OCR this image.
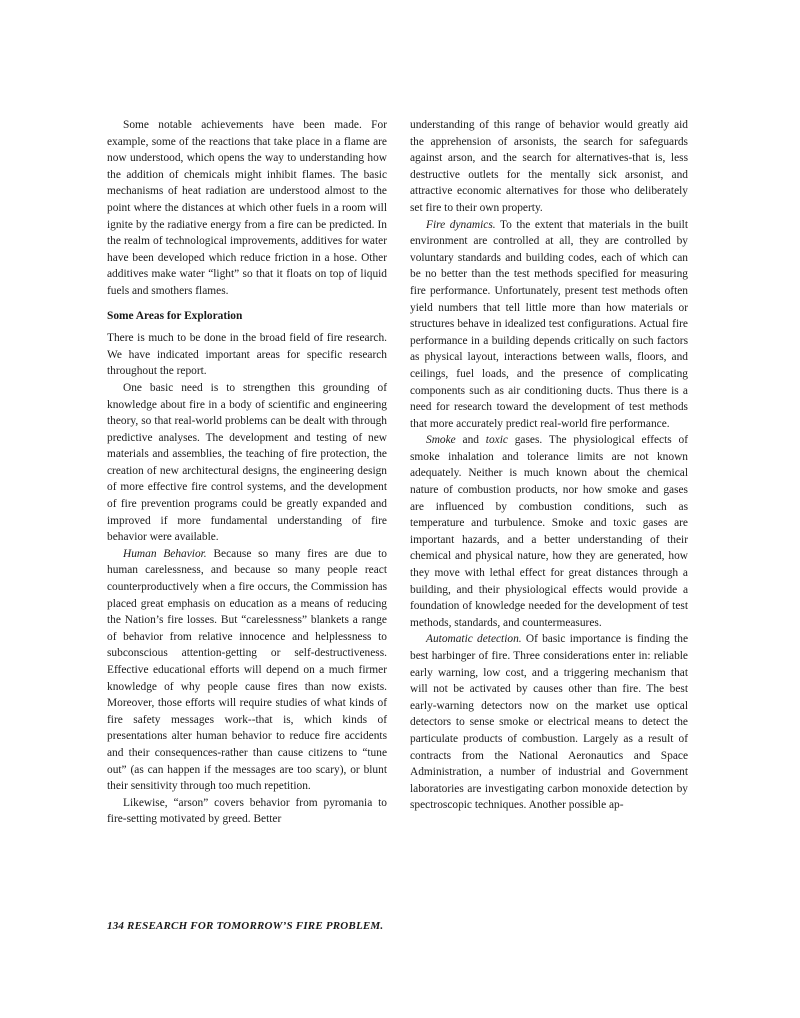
Some notable achievements have been made. For example, some of the reactions that take place in a flame are now understood, which opens the way to understanding how the addition of chemicals might inhibit flames. The basic mechanisms of heat radiation are understood almost to the point where the distances at which other fuels in a room will ignite by the radiative energy from a fire can be predicted. In the realm of technological improvements, additives for water have been developed which reduce friction in a hose. Other additives make water “light” so that it floats on top of liquid fuels and smothers flames.

Some Areas for Exploration

There is much to be done in the broad field of fire research. We have indicated important areas for specific research throughout the report.

One basic need is to strengthen this grounding of knowledge about fire in a body of scientific and engineering theory, so that real-world problems can be dealt with through predictive analyses. The development and testing of new materials and assemblies, the teaching of fire protection, the creation of new architectural designs, the engineering design of more effective fire control systems, and the development of fire prevention programs could be greatly expanded and improved if more fundamental understanding of fire behavior were available.

Human Behavior. Because so many fires are due to human carelessness, and because so many people react counterproductively when a fire occurs, the Commission has placed great emphasis on education as a means of reducing the Nation’s fire losses. But “carelessness” blankets a range of behavior from relative innocence and helplessness to subconscious attention-getting or self-destructiveness. Effective educational efforts will depend on a much firmer knowledge of why people cause fires than now exists. Moreover, those efforts will require studies of what kinds of fire safety messages work--that is, which kinds of presentations alter human behavior to reduce fire accidents and their consequences-rather than cause citizens to “tune out” (as can happen if the messages are too scary), or blunt their sensitivity through too much repetition.

Likewise, “arson” covers behavior from pyromania to fire-setting motivated by greed. Better

understanding of this range of behavior would greatly aid the apprehension of arsonists, the search for safeguards against arson, and the search for alternatives-that is, less destructive outlets for the mentally sick arsonist, and attractive economic alternatives for those who deliberately set fire to their own property.

Fire dynamics. To the extent that materials in the built environment are controlled at all, they are controlled by voluntary standards and building codes, each of which can be no better than the test methods specified for measuring fire performance. Unfortunately, present test methods often yield numbers that tell little more than how materials or structures behave in idealized test configurations. Actual fire performance in a building depends critically on such factors as physical layout, interactions between walls, floors, and ceilings, fuel loads, and the presence of complicating components such as air conditioning ducts. Thus there is a need for research toward the development of test methods that more accurately predict real-world fire performance.

Smoke and toxic gases. The physiological effects of smoke inhalation and tolerance limits are not known adequately. Neither is much known about the chemical nature of combustion products, nor how smoke and gases are influenced by combustion conditions, such as temperature and turbulence. Smoke and toxic gases are important hazards, and a better understanding of their chemical and physical nature, how they are generated, how they move with lethal effect for great distances through a building, and their physiological effects would provide a foundation of knowledge needed for the development of test methods, standards, and countermeasures.

Automatic detection. Of basic importance is finding the best harbinger of fire. Three considerations enter in: reliable early warning, low cost, and a triggering mechanism that will not be activated by causes other than fire. The best early-warning detectors now on the market use optical detectors to sense smoke or electrical means to detect the particulate products of combustion. Largely as a result of contracts from the National Aeronautics and Space Administration, a number of industrial and Government laboratories are investigating carbon monoxide detection by spectroscopic techniques. Another possible ap-

134 RESEARCH FOR TOMORROW’S FIRE PROBLEM.
